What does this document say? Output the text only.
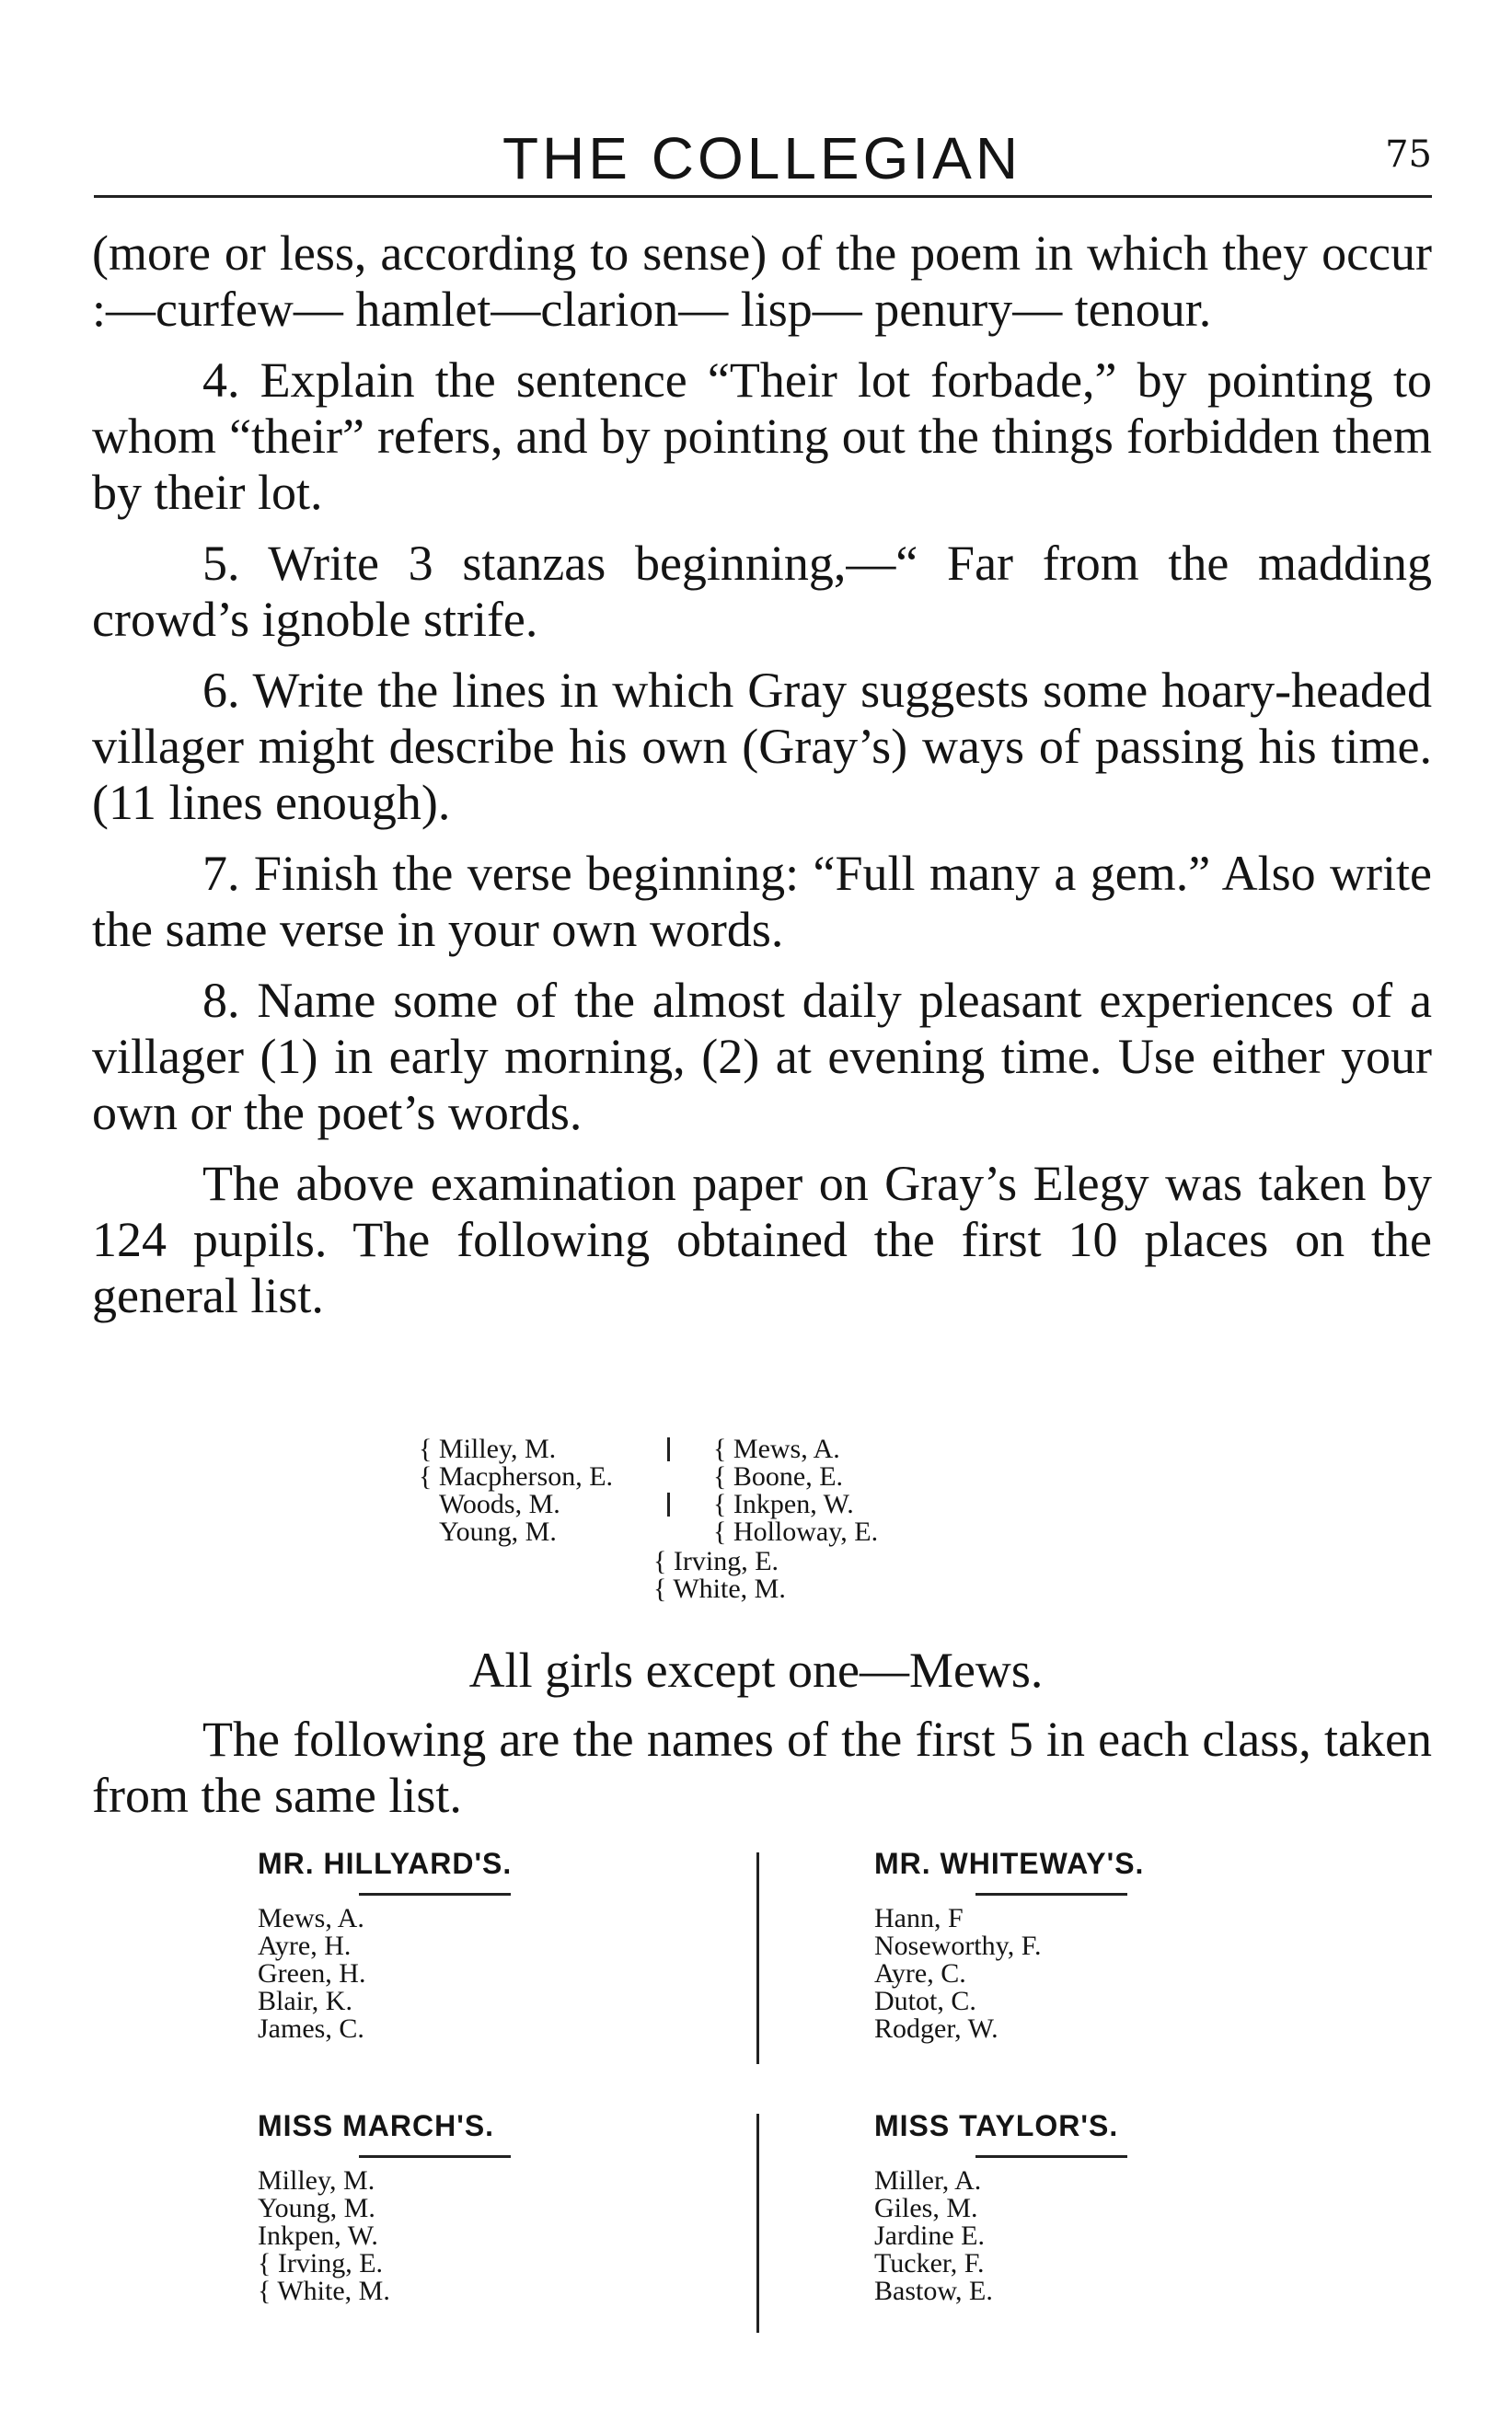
THE COLLEGIAN	75

(more or less, according to sense) of the poem in which they occur :—curfew— hamlet—clarion— lisp— penury— tenour.

4. Explain the sentence “Their lot forbade,” by pointing to whom “their” refers, and by pointing out the things forbidden them by their lot.

5. Write 3 stanzas beginning,—“ Far from the madding crowd’s ignoble strife.

6. Write the lines in which Gray suggests some hoary-headed villager might describe his own (Gray’s) ways of passing his time. (11 lines enough).

7. Finish the verse beginning: “Full many a gem.” Also write the same verse in your own words.

8. Name some of the almost daily pleasant experiences of a villager (1) in early morning, (2) at evening time. Use either your own or the poet’s words.

The above examination paper on Gray’s Elegy was taken by 124 pupils. The following obtained the first 10 places on the general list.

{ Milley, M.
{ Macpherson, E.
Woods, M.
Young, M.
{ Mews, A.
{ Boone, E.
{ Inkpen, W.
{ Holloway, E.
{ Irving, E.
{ White, M.
All girls except one—Mews.

The following are the names of the first 5 in each class, taken from the same list.

MR. HILLYARD'S.
Mews, A.
Ayre, H.
Green, H.
Blair, K.
James, C.
MR. WHITEWAY'S.
Hann, F
Noseworthy, F.
Ayre, C.
Dutot, C.
Rodger, W.
MISS MARCH'S.
Milley, M.
Young, M.
Inkpen, W.
{ Irving, E.
{ White, M.
MISS TAYLOR'S.
Miller, A.
Giles, M.
Jardine E.
Tucker, F.
Bastow, E.
